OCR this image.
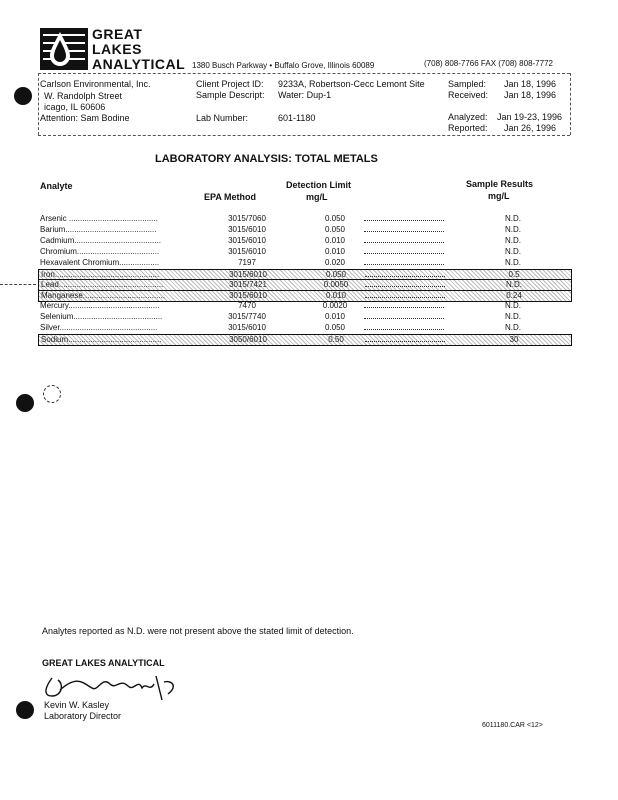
GREAT
LAKES
ANALYTICAL 1380 Busch Parkway • Buffalo Grove, Illinois 60089	(708) 808-7766 FAX (708) 808-7772
Carlson Environmental, Inc.
W. Randolph Street
icago, IL 60606
Attention: Sam Bodine
Client Project ID: 9233A, Robertson-Cecc Lemont Site
Sample Descript: Water: Dup-1
Lab Number:	601-1180
Sampled: Jan 18, 1996
Received: Jan 18, 1996
Analyzed: Jan 19-23, 1996
Reported: Jan 26, 1996
LABORATORY ANALYSIS: TOTAL METALS
Analyte
EPA Method
Detection Limit
mg/L
Sample Results
mg/L
Arsenic ........................................	3015/7060	0.050	N.D.
Barium.........................................	3015/6010	0.050	N.D.
Cadmium.......................................	3015/6010	0.010	N.D.
Chromium.....................................	3015/6010	0.010	N.D.
Hexavalent Chromium..................	7197	0.020	N.D.
Iron...............................................	3015/6010	0.050	0.5
Lead...............................................	3015/7421	0.0050	N.D.
Manganese.....................................	3015/6010	0.010	0.24
Mercury.........................................	7470	0.0020	N.D.
Selenium........................................	3015/7740	0.010	N.D.
Silver............................................	3015/6010	0.050	N.D.
Sodium..........................................	3050/6010	0.50	30
Analytes reported as N.D. were not present above the stated limit of detection.
GREAT LAKES ANALYTICAL
Kevin W. Kasley
Laboratory Director
6011180.CAR <12>
